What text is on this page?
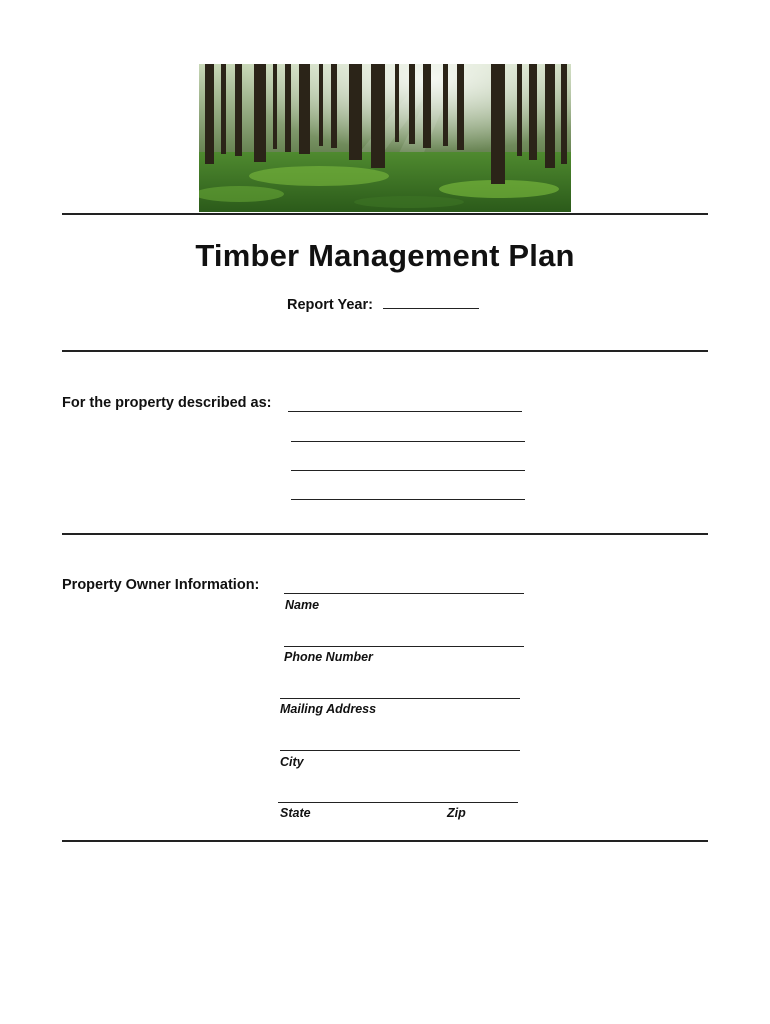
Timber Management Plan
Report Year:
For the property described as:
Property Owner Information:
Name
Phone Number
Mailing Address
City
State	Zip
